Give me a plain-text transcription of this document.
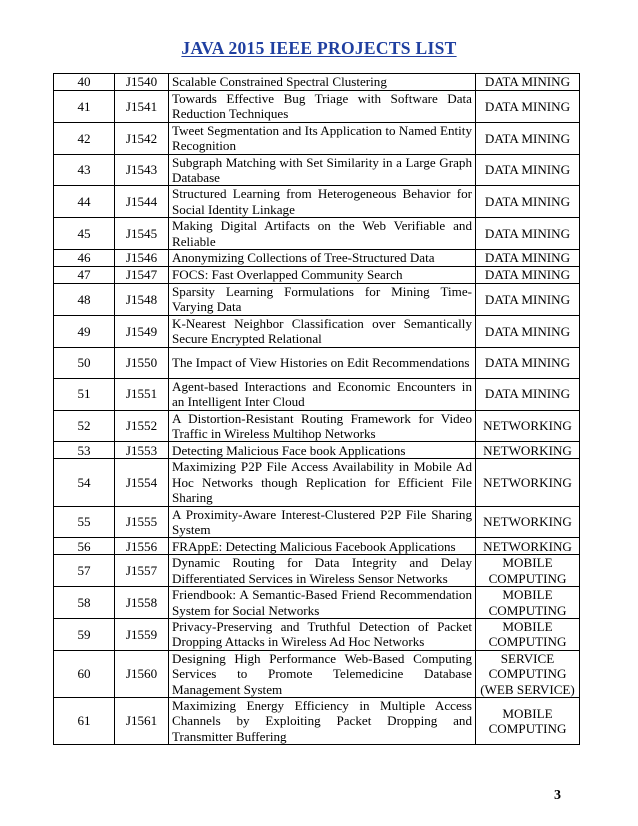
JAVA 2015 IEEE PROJECTS LIST
40	J1540	Scalable Constrained Spectral Clustering	DATA MINING
41	J1541	Towards Effective Bug Triage with Software Data Reduction Techniques	DATA MINING
42	J1542	Tweet Segmentation and Its Application to Named Entity Recognition	DATA MINING
43	J1543	Subgraph Matching with Set Similarity in a Large Graph Database	DATA MINING
44	J1544	Structured Learning from Heterogeneous Behavior for Social Identity Linkage	DATA MINING
45	J1545	Making Digital Artifacts on the Web Verifiable and Reliable	DATA MINING
46	J1546	Anonymizing Collections of Tree-Structured Data	DATA MINING
47	J1547	FOCS: Fast Overlapped Community Search	DATA MINING
48	J1548	Sparsity Learning Formulations for Mining Time-Varying Data	DATA MINING
49	J1549	K-Nearest Neighbor Classification over Semantically Secure Encrypted Relational	DATA MINING
50	J1550	The Impact of View Histories on Edit Recommendations	DATA MINING
51	J1551	Agent-based Interactions and Economic Encounters in an Intelligent Inter Cloud	DATA MINING
52	J1552	A Distortion-Resistant Routing Framework for Video Traffic in Wireless Multihop Networks	NETWORKING
53	J1553	Detecting Malicious Face book Applications	NETWORKING
54	J1554	Maximizing P2P File Access Availability in Mobile Ad Hoc Networks though Replication for Efficient File Sharing	NETWORKING
55	J1555	A Proximity-Aware Interest-Clustered P2P File Sharing System	NETWORKING
56	J1556	FRAppE: Detecting Malicious Facebook Applications	NETWORKING
57	J1557	Dynamic Routing for Data Integrity and Delay Differentiated Services in Wireless Sensor Networks	MOBILE COMPUTING
58	J1558	Friendbook: A Semantic-Based Friend Recommendation System for Social Networks	MOBILE COMPUTING
59	J1559	Privacy-Preserving and Truthful Detection of Packet Dropping Attacks in Wireless Ad Hoc Networks	MOBILE COMPUTING
60	J1560	Designing High Performance Web-Based Computing Services to Promote Telemedicine Database Management System	SERVICE COMPUTING (WEB SERVICE)
61	J1561	Maximizing Energy Efficiency in Multiple Access Channels by Exploiting Packet Dropping and Transmitter Buffering	MOBILE COMPUTING
3
